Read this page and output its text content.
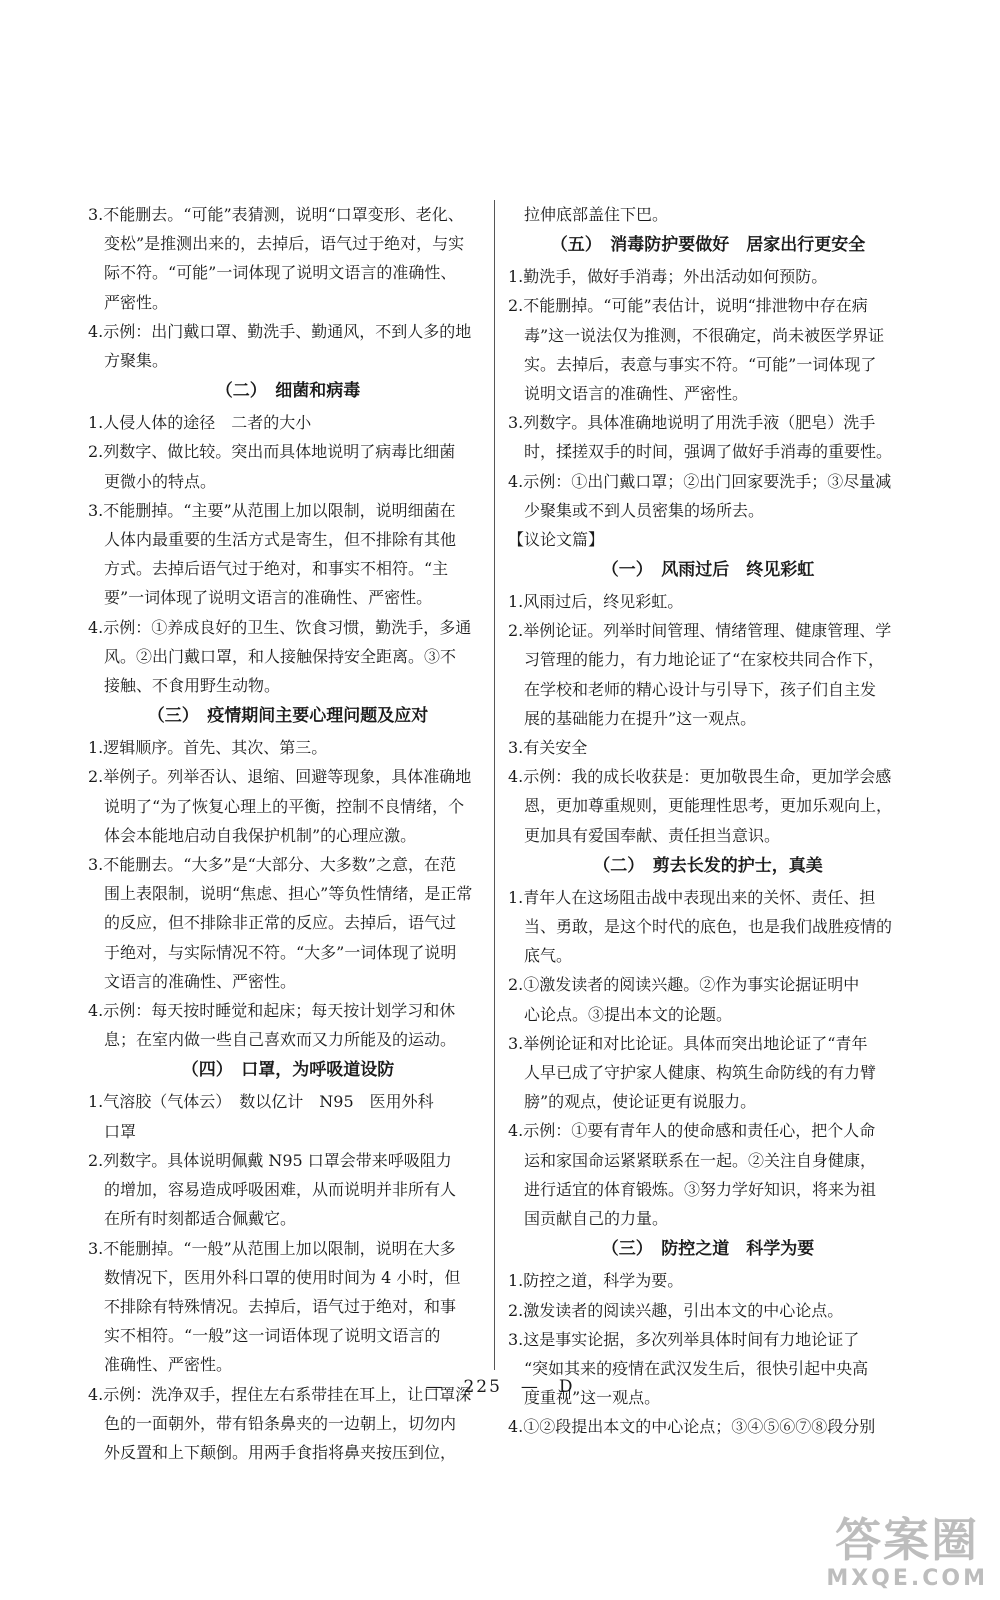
3.不能删去。“可能”表猜测，说明“口罩变形、老化、

变松”是推测出来的，去掉后，语气过于绝对，与实

际不符。“可能”一词体现了说明文语言的准确性、

严密性。

4.示例：出门戴口罩、勤洗手、勤通风，不到人多的地

方聚集。

（二）　细菌和病毒

1.人侵人体的途径　二者的大小

2.列数字、做比较。突出而具体地说明了病毒比细菌

更微小的特点。

3.不能删掉。“主要”从范围上加以限制，说明细菌在

人体内最重要的生活方式是寄生，但不排除有其他

方式。去掉后语气过于绝对，和事实不相符。“主

要”一词体现了说明文语言的准确性、严密性。

4.示例：①养成良好的卫生、饮食习惯，勤洗手，多通

风。②出门戴口罩，和人接触保持安全距离。③不

接触、不食用野生动物。

（三）　疫情期间主要心理问题及应对

1.逻辑顺序。首先、其次、第三。

2.举例子。列举否认、退缩、回避等现象，具体准确地

说明了“为了恢复心理上的平衡，控制不良情绪，个

体会本能地启动自我保护机制”的心理应激。

3.不能删去。“大多”是“大部分、大多数”之意，在范

围上表限制，说明“焦虑、担心”等负性情绪，是正常

的反应，但不排除非正常的反应。去掉后，语气过

于绝对，与实际情况不符。“大多”一词体现了说明

文语言的准确性、严密性。

4.示例：每天按时睡觉和起床；每天按计划学习和休

息；在室内做一些自己喜欢而又力所能及的运动。

（四）　口罩，为呼吸道设防

1.气溶胶（气体云）　数以亿计　N95　医用外科

口罩

2.列数字。具体说明佩戴 N95 口罩会带来呼吸阻力

的增加，容易造成呼吸困难，从而说明并非所有人

在所有时刻都适合佩戴它。

3.不能删掉。“一般”从范围上加以限制，说明在大多

数情况下，医用外科口罩的使用时间为 4 小时，但

不排除有特殊情况。去掉后，语气过于绝对，和事

实不相符。“一般”这一词语体现了说明文语言的

准确性、严密性。

4.示例：洗净双手，捏住左右系带挂在耳上，让口罩深

色的一面朝外，带有铅条鼻夹的一边朝上，切勿内

外反置和上下颠倒。用两手食指将鼻夹按压到位，

拉伸底部盖住下巴。

（五）　消毒防护要做好　居家出行更安全

1.勤洗手，做好手消毒；外出活动如何预防。

2.不能删掉。“可能”表估计，说明“排泄物中存在病

毒”这一说法仅为推测，不很确定，尚未被医学界证

实。去掉后，表意与事实不符。“可能”一词体现了

说明文语言的准确性、严密性。

3.列数字。具体准确地说明了用洗手液（肥皂）洗手

时，揉搓双手的时间，强调了做好手消毒的重要性。

4.示例：①出门戴口罩；②出门回家要洗手；③尽量减

少聚集或不到人员密集的场所去。

【议论文篇】

（一）　风雨过后　终见彩虹

1.风雨过后，终见彩虹。

2.举例论证。列举时间管理、情绪管理、健康管理、学

习管理的能力，有力地论证了“在家校共同合作下，

在学校和老师的精心设计与引导下，孩子们自主发

展的基础能力在提升”这一观点。

3.有关安全

4.示例：我的成长收获是：更加敬畏生命，更加学会感

恩，更加尊重规则，更能理性思考，更加乐观向上，

更加具有爱国奉献、责任担当意识。

（二）　剪去长发的护士，真美

1.青年人在这场阻击战中表现出来的关怀、责任、担

当、勇敢，是这个时代的底色，也是我们战胜疫情的

底气。

2.①激发读者的阅读兴趣。②作为事实论据证明中

心论点。③提出本文的论题。

3.举例论证和对比论证。具体而突出地论证了“青年

人早已成了守护家人健康、构筑生命防线的有力臂

膀”的观点，使论证更有说服力。

4.示例：①要有青年人的使命感和责任心，把个人命

运和家国命运紧紧联系在一起。②关注自身健康，

进行适宜的体育锻炼。③努力学好知识，将来为祖

国贡献自己的力量。

（三）　防控之道　科学为要

1.防控之道，科学为要。

2.激发读者的阅读兴趣，引出本文的中心论点。

3.这是事实论据，多次列举具体时间有力地论证了

“突如其来的疫情在武汉发生后，很快引起中央高

度重视”这一观点。

4.①②段提出本文的中心论点；③④⑤⑥⑦⑧段分别

—　225　—　D
答案圈
MXQE.COM
